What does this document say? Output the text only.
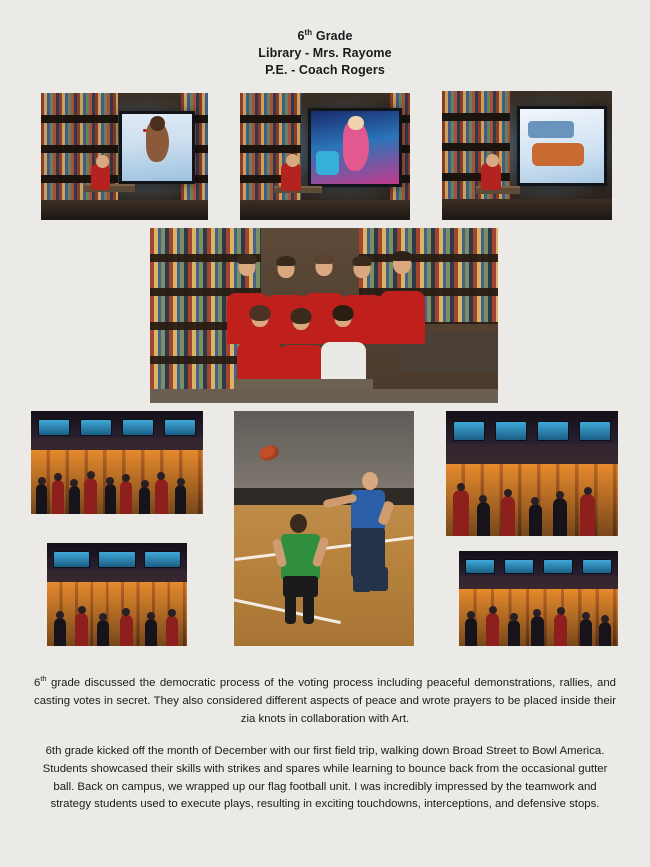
6th Grade
Library - Mrs. Rayome
P.E. - Coach Rogers

6th grade discussed the democratic process of the voting process including peaceful demonstrations, rallies, and casting votes in secret. They also considered different aspects of peace and wrote prayers to be placed inside their zia knots in collaboration with Art.

6th grade kicked off the month of December with our first field trip, walking down Broad Street to Bowl America. Students showcased their skills with strikes and spares while learning to bounce back from the occasional gutter ball. Back on campus, we wrapped up our flag football unit. I was incredibly impressed by the teamwork and strategy students used to execute plays, resulting in exciting touchdowns, interceptions, and defensive stops.
